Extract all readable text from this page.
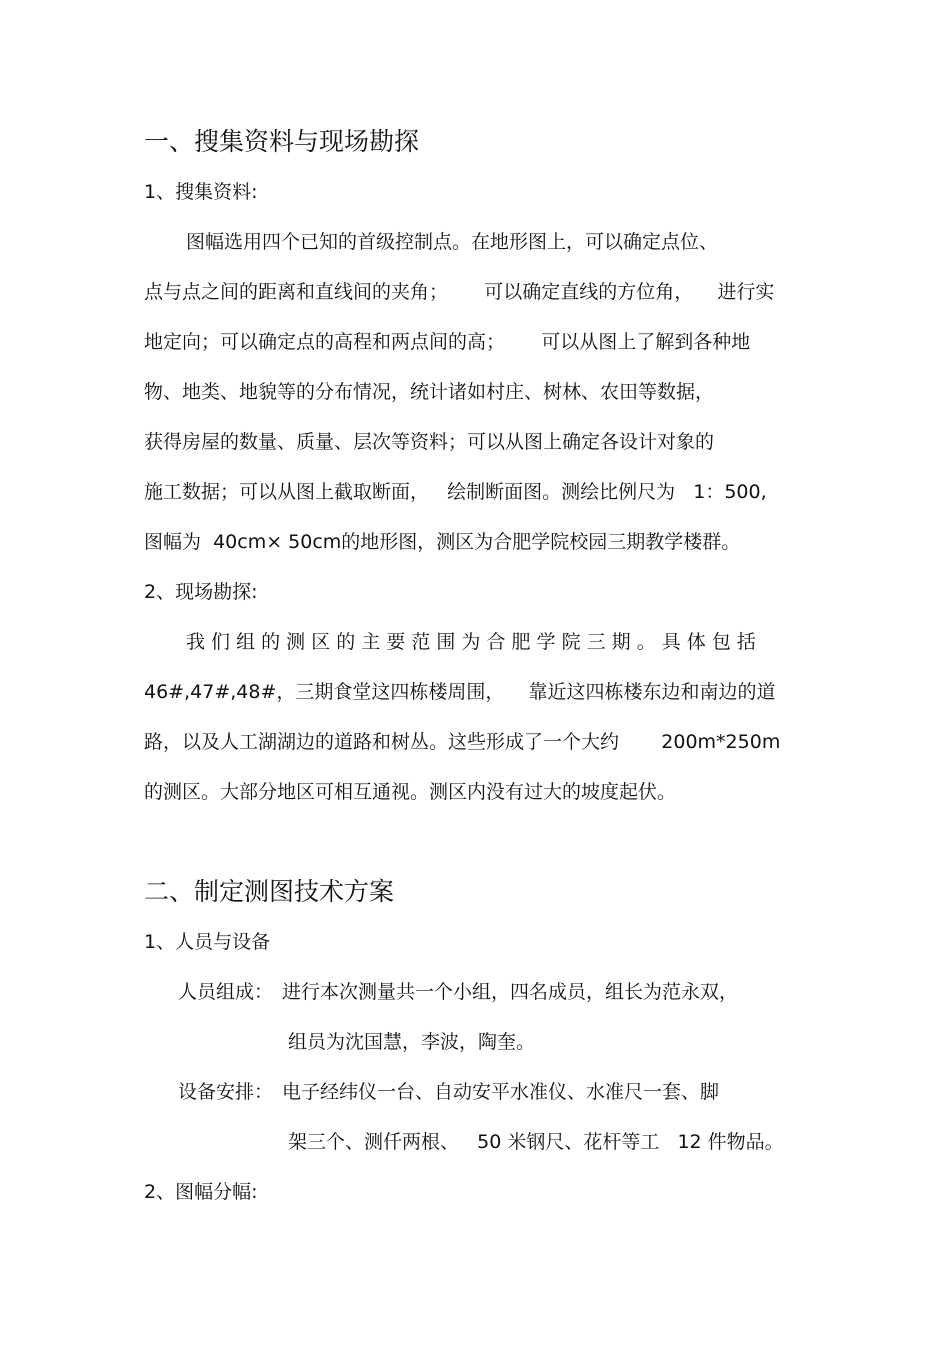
一、搜集资料与现场勘探
1、搜集资料:
图幅选用四个已知的首级控制点。在地形图上，可以确定点位、
点与点之间的距离和直线间的夹角；      可以确定直线的方位角，    进行实
地定向；可以确定点的高程和两点间的高；      可以从图上了解到各种地
物、地类、地貌等的分布情况，统计诸如村庄、树林、农田等数据，
获得房屋的数量、质量、层次等资料；可以从图上确定各设计对象的
施工数据；可以从图上截取断面，   绘制断面图。测绘比例尺为   1：500,
图幅为  40cm× 50cm的地形图，测区为合肥学院校园三期教学楼群。
2、现场勘探:
我 们 组 的 测 区 的 主 要 范 围 为 合 肥 学 院 三 期 。 具 体 包 括
46#,47#,48#，三期食堂这四栋楼周围，    靠近这四栋楼东边和南边的道
路，以及人工湖湖边的道路和树丛。这些形成了一个大约       200m*250m
的测区。大部分地区可相互通视。测区内没有过大的坡度起伏。
二、制定测图技术方案
1、人员与设备
人员组成： 进行本次测量共一个小组，四名成员，组长为范永双，
组员为沈国慧，李波，陶奎。
设备安排： 电子经纬仪一台、自动安平水准仪、水准尺一套、脚
架三个、测仟两根、   50 米钢尺、花杆等工   12 件物品。
2、图幅分幅:
